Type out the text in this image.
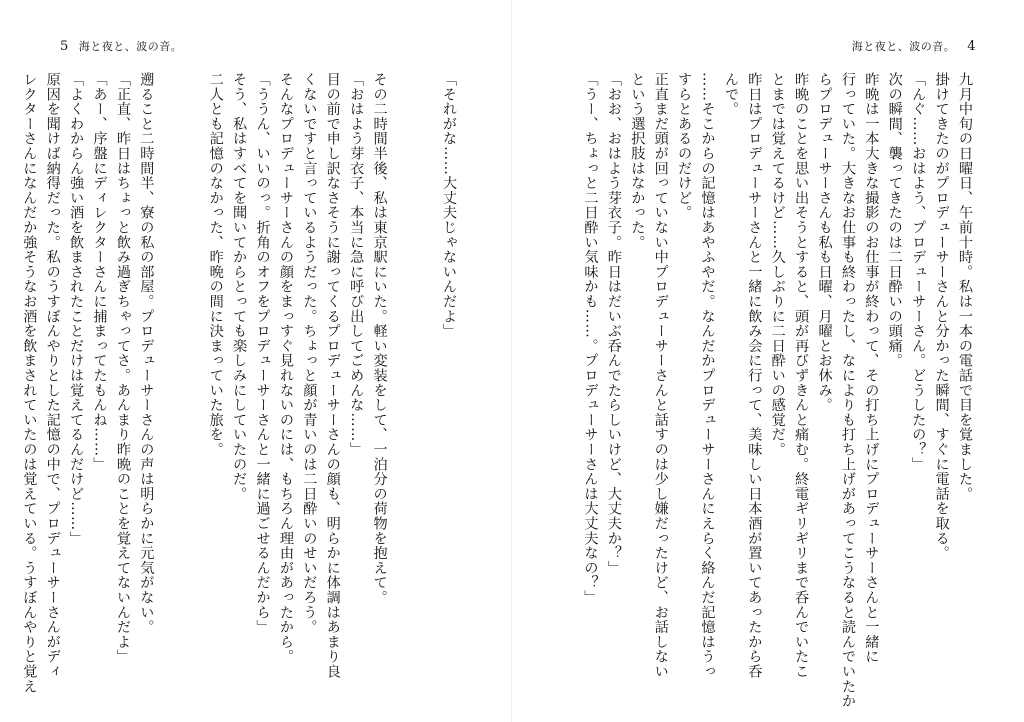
5 海と夜と、波の音。
「それがな……大丈夫じゃないんだよ」
その二時間半後、私は東京駅にいた。軽い変装をして、一泊分の荷物を抱えて。
「おはよう芽衣子、本当に急に呼び出してごめんな……」
目の前で申し訳なさそうに謝ってくるプロデューサーさんの顔も、明らかに体調はあまり良
くないですと言っているようだった。ちょっと顔が青いのは二日酔いのせいだろう。
そんなプロデューサーさんの顔をまっすぐ見れないのには、もちろん理由があったから。
「ううん、いいのっ。折角のオフをプロデューサーさんと一緒に過ごせるんだから」
そう、私はすべてを聞いてからとっても楽しみにしていたのだ。
二人とも記憶のなかった、昨晩の間に決まっていた旅を。
遡ること二時間半、寮の私の部屋。プロデューサーさんの声は明らかに元気がない。
「正直、昨日はちょっと飲み過ぎちゃってさ。あんまり昨晩のことを覚えてないんだよ」
「あー、序盤にディレクターさんに捕まってたもんね……」
「よくわからん強い酒を飲まされたことだけは覚えてるんだけど……」
原因を聞けば納得だった。私のうすぼんやりとした記憶の中で、プロデューサーさんがディ
レクターさんになんだか強そうなお酒を飲まされていたのは覚えている。うすぼんやりと覚え
海と夜と、波の音。 4
九月中旬の日曜日、午前十時。私は一本の電話で目を覚ました。
掛けてきたのがプロデューサーさんと分かった瞬間、すぐに電話を取る。
「んぐ……おはよう、プロデューサーさん。どうしたの？」
次の瞬間、襲ってきたのは二日酔いの頭痛。
昨晩は一本大きな撮影のお仕事が終わって、その打ち上げにプロデューサーさんと一緒に
行っていた。大きなお仕事も終わったし、なによりも打ち上げがあってこうなると読んでいたか
らプロデューサーさんも私も日曜、月曜とお休み。
昨晩のことを思い出そうとすると、頭が再びずきんと痛む。終電ギリギリまで呑んでいたこ
とまでは覚えてるけど……久しぶりに二日酔いの感覚だ。
昨日はプロデューサーさんと一緒に飲み会に行って、美味しい日本酒が置いてあったから呑
んで。
……そこからの記憶はあやふやだ。なんだかプロデューサーさんにえらく絡んだ記憶はうっ
すらとあるのだけど。
正直まだ頭が回っていない中プロデューサーさんと話すのは少し嫌だったけど、お話しない
という選択肢はなかった。
「おお、おはよう芽衣子。昨日はだいぶ呑んでたらしいけど、大丈夫か？」
「うー、ちょっと二日酔い気味かも……。プロデューサーさんは大丈夫なの？」
